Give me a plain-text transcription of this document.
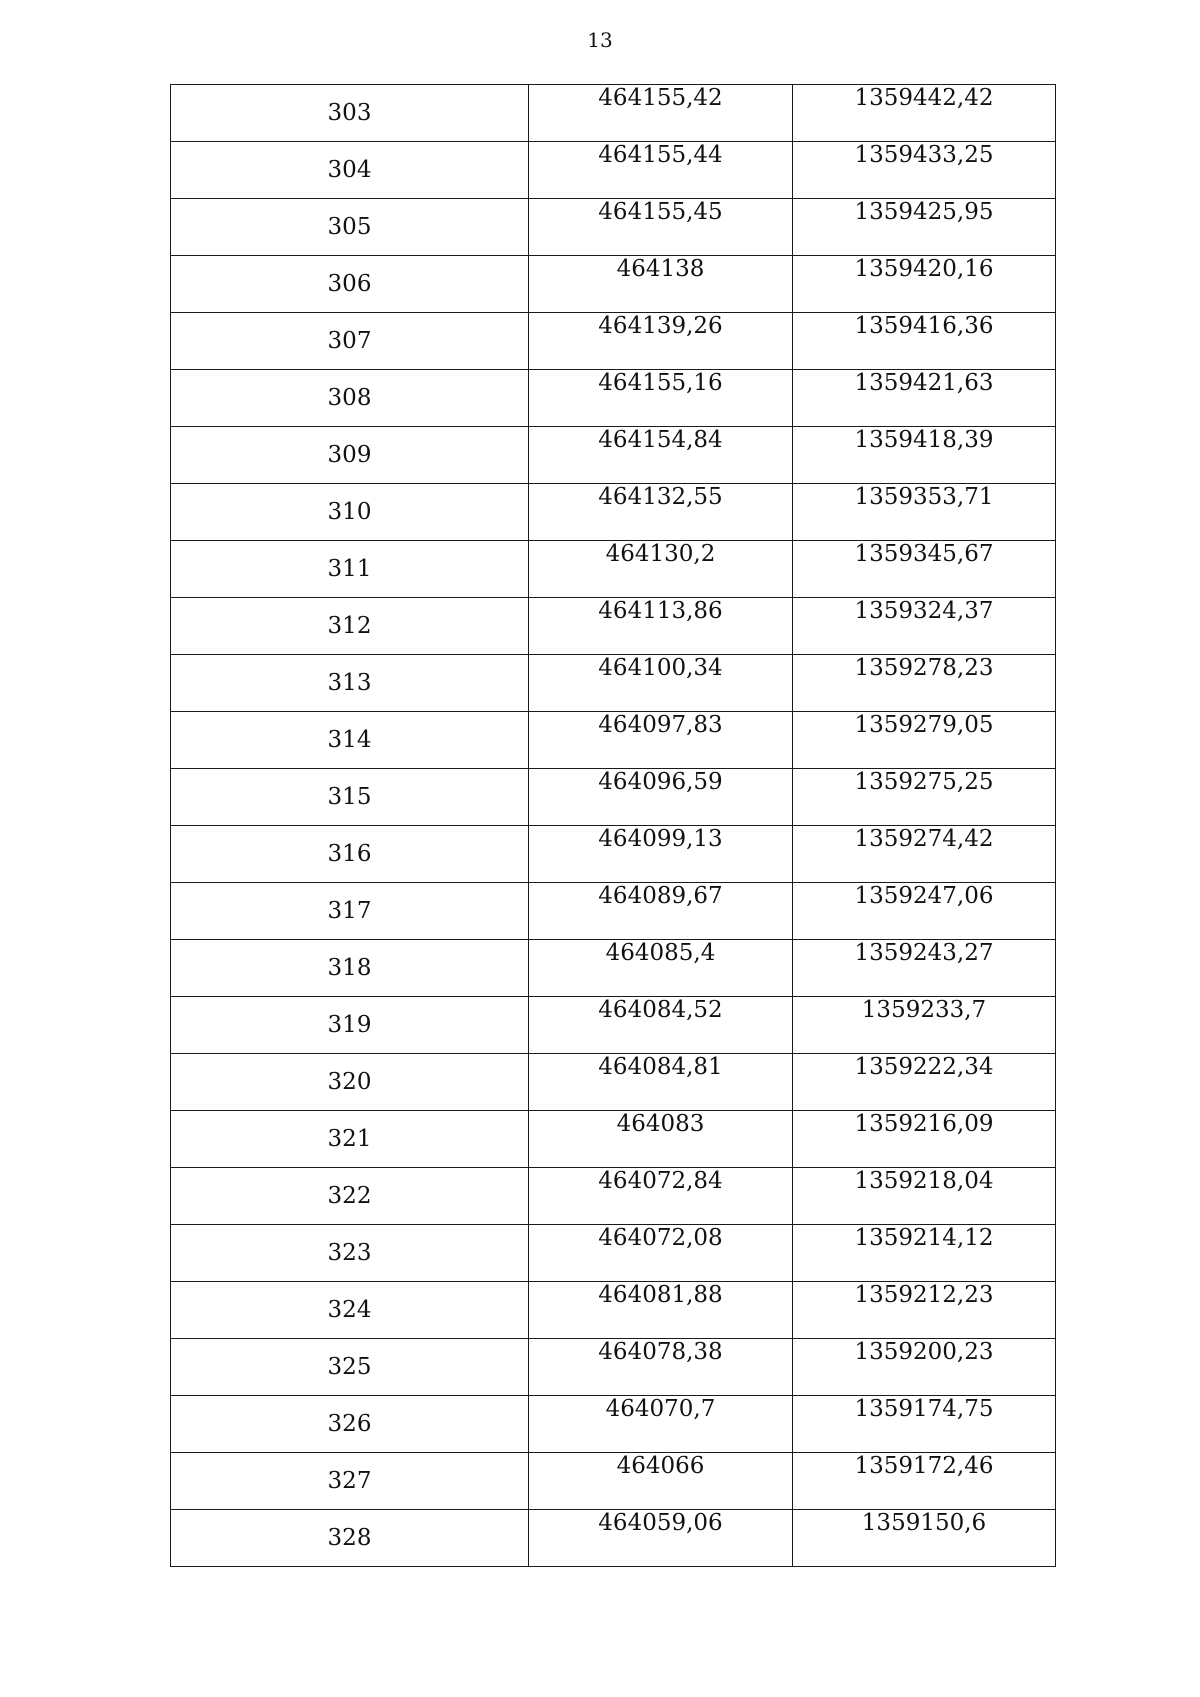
13
303	464155,42	1359442,42
304	464155,44	1359433,25
305	464155,45	1359425,95
306	464138	1359420,16
307	464139,26	1359416,36
308	464155,16	1359421,63
309	464154,84	1359418,39
310	464132,55	1359353,71
311	464130,2	1359345,67
312	464113,86	1359324,37
313	464100,34	1359278,23
314	464097,83	1359279,05
315	464096,59	1359275,25
316	464099,13	1359274,42
317	464089,67	1359247,06
318	464085,4	1359243,27
319	464084,52	1359233,7
320	464084,81	1359222,34
321	464083	1359216,09
322	464072,84	1359218,04
323	464072,08	1359214,12
324	464081,88	1359212,23
325	464078,38	1359200,23
326	464070,7	1359174,75
327	464066	1359172,46
328	464059,06	1359150,6
